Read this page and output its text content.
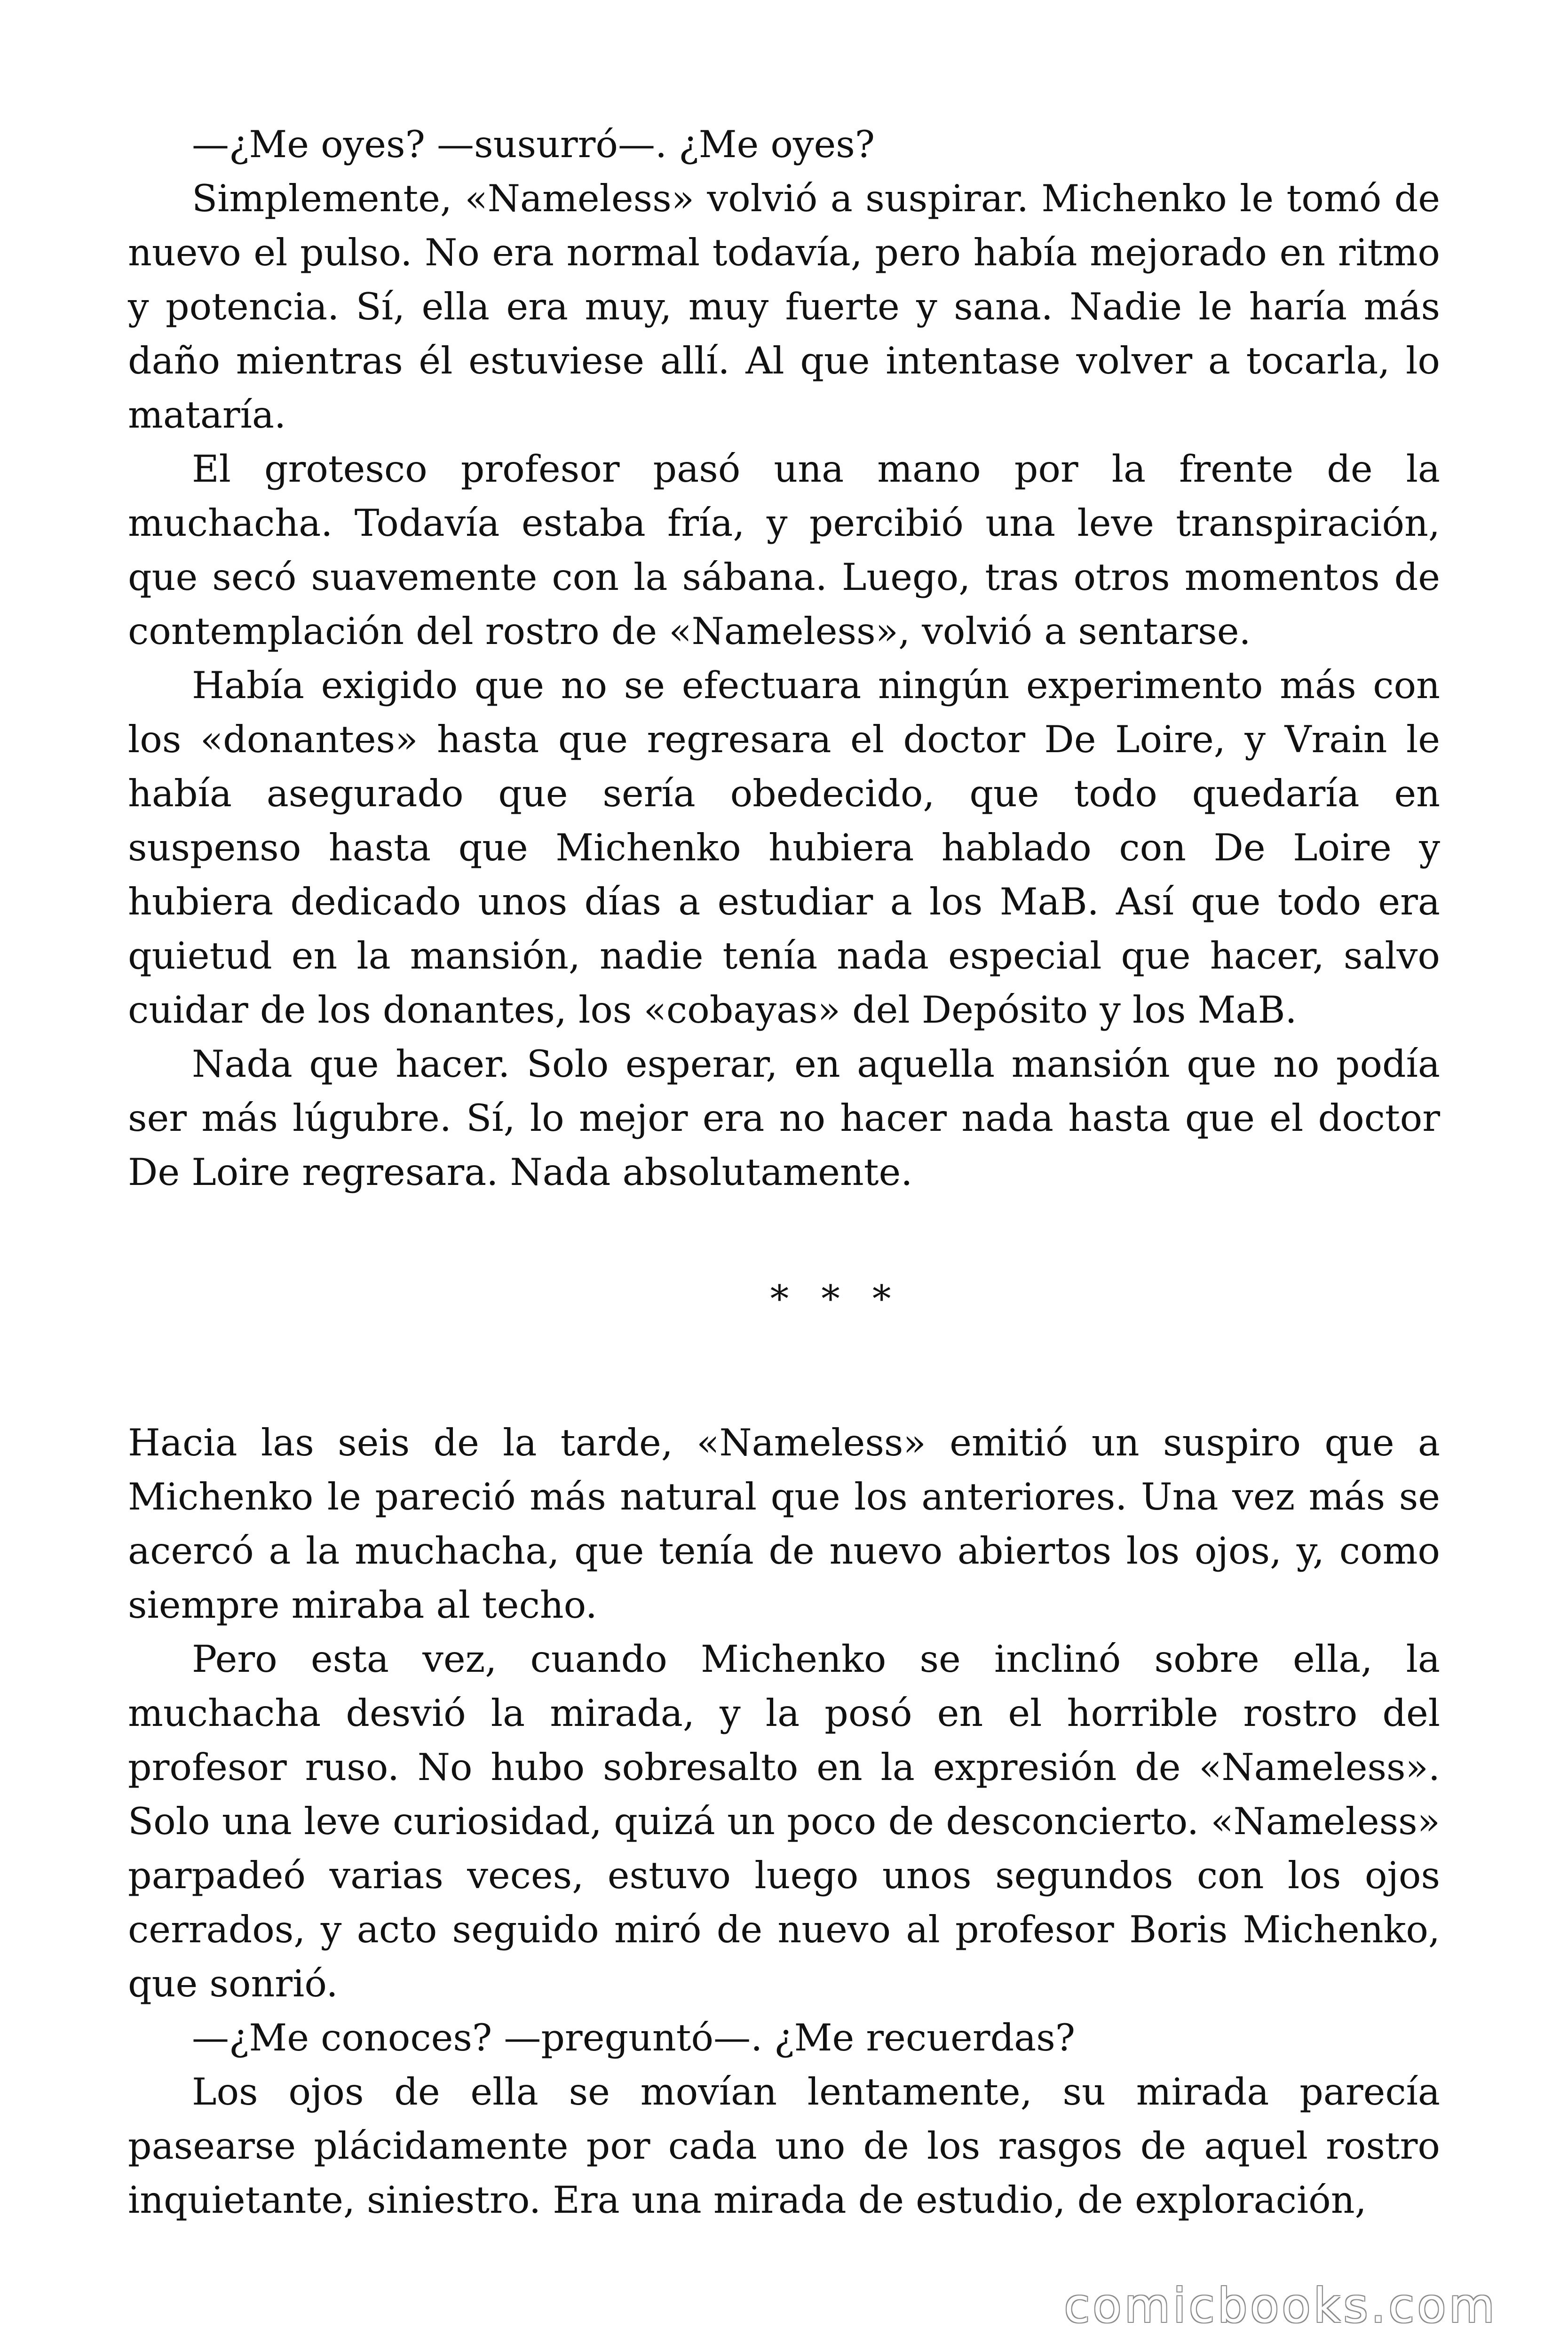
—¿Me oyes? —susurró—. ¿Me oyes?

Simplemente, «Nameless» volvió a suspirar. Michenko le tomó de nuevo el pulso. No era normal todavía, pero había mejorado en ritmo y potencia. Sí, ella era muy, muy fuerte y sana. Nadie le haría más daño mientras él estuviese allí. Al que intentase volver a tocarla, lo mataría.

El grotesco profesor pasó una mano por la frente de la muchacha. Todavía estaba fría, y percibió una leve transpiración, que secó suavemente con la sábana. Luego, tras otros momentos de contemplación del rostro de «Nameless», volvió a sentarse.

Había exigido que no se efectuara ningún experimento más con los «donantes» hasta que regresara el doctor De Loire, y Vrain le había asegurado que sería obedecido, que todo quedaría en suspenso hasta que Michenko hubiera hablado con De Loire y hubiera dedicado unos días a estudiar a los MaB. Así que todo era quietud en la mansión, nadie tenía nada especial que hacer, salvo cuidar de los donantes, los «cobayas» del Depósito y los MaB.

Nada que hacer. Solo esperar, en aquella mansión que no podía ser más lúgubre. Sí, lo mejor era no hacer nada hasta que el doctor De Loire regresara. Nada absolutamente.

* * *

Hacia las seis de la tarde, «Nameless» emitió un suspiro que a Michenko le pareció más natural que los anteriores. Una vez más se acercó a la muchacha, que tenía de nuevo abiertos los ojos, y, como siempre miraba al techo.

Pero esta vez, cuando Michenko se inclinó sobre ella, la muchacha desvió la mirada, y la posó en el horrible rostro del profesor ruso. No hubo sobresalto en la expresión de «Nameless». Solo una leve curiosidad, quizá un poco de desconcierto. «Nameless» parpadeó varias veces, estuvo luego unos segundos con los ojos cerrados, y acto seguido miró de nuevo al profesor Boris Michenko, que sonrió.

—¿Me conoces? —preguntó—. ¿Me recuerdas?

Los ojos de ella se movían lentamente, su mirada parecía pasearse plácidamente por cada uno de los rasgos de aquel rostro inquietante, siniestro. Era una mirada de estudio, de exploración,

comicbooks.com
